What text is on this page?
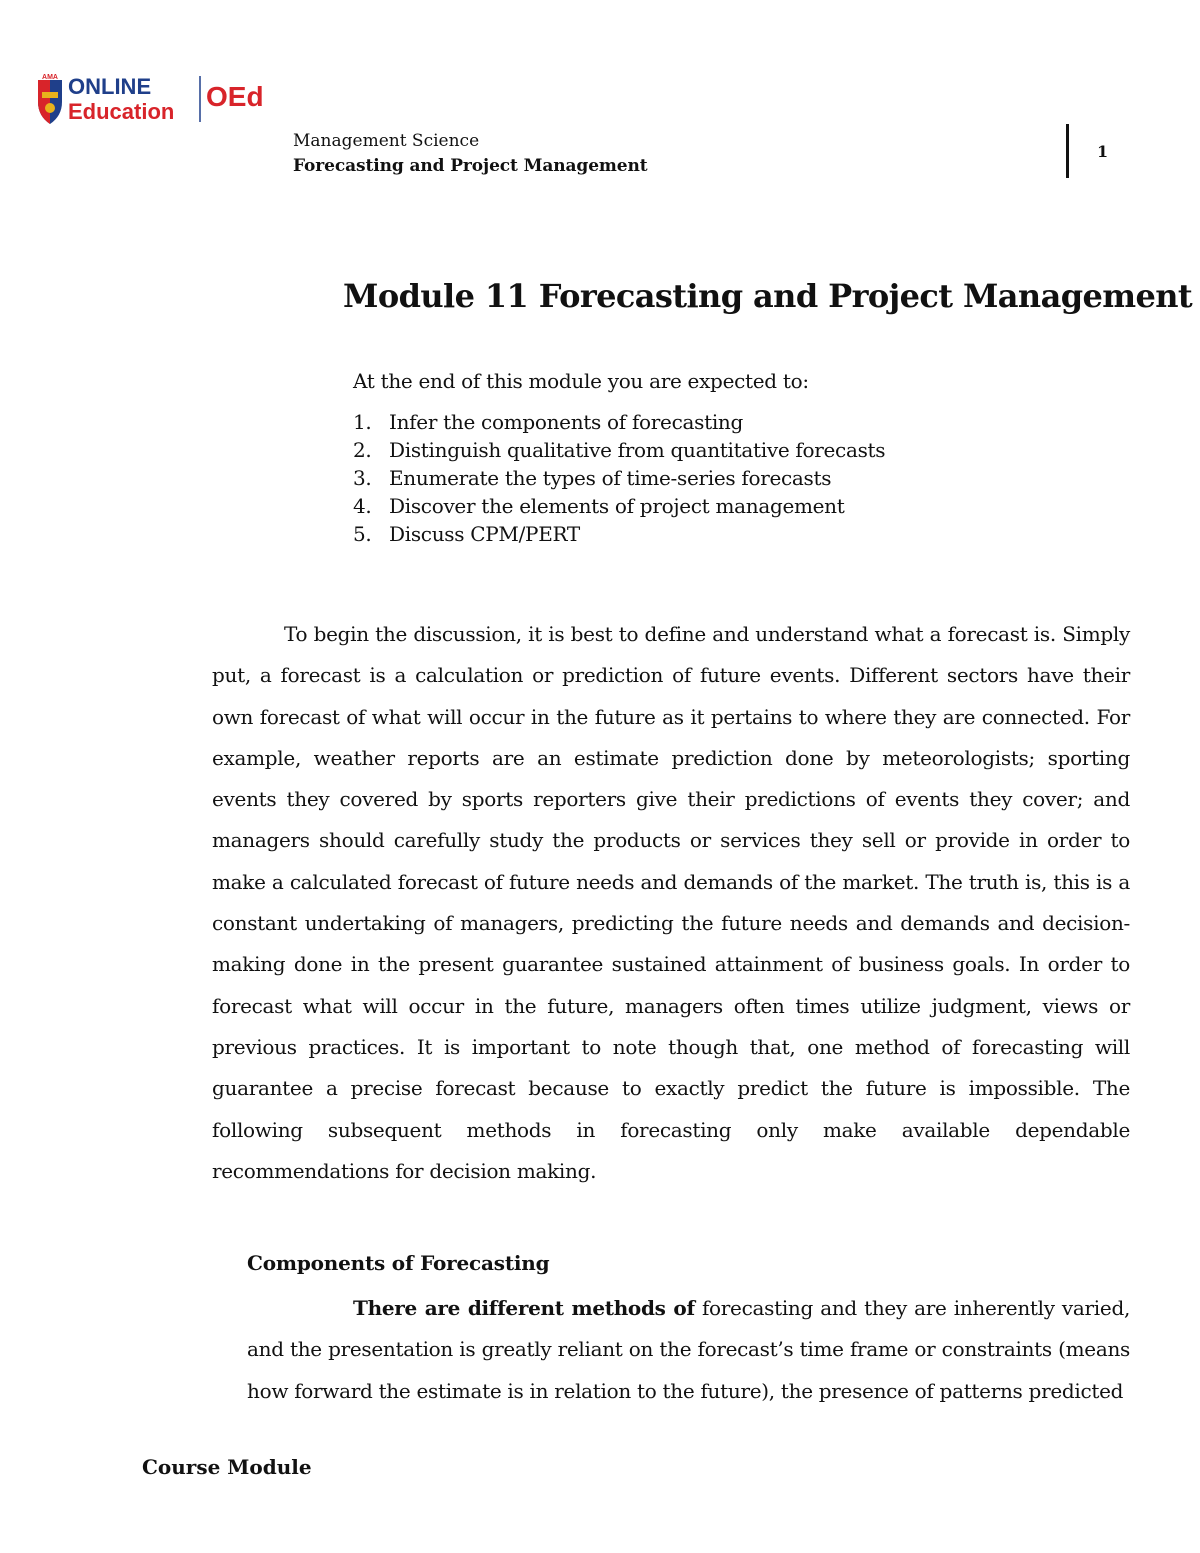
AMA ONLINE
Education OEd
Management Science
Forecasting and Project Management
1
Module 11 Forecasting and Project Management
At the end of this module you are expected to:
1. Infer the components of forecasting
2. Distinguish qualitative from quantitative forecasts
3. Enumerate the types of time-series forecasts
4. Discover the elements of project management
5. Discuss CPM/PERT

To begin the discussion, it is best to define and understand what a forecast is. Simply put, a forecast is a calculation or prediction of future events. Different sectors have their own forecast of what will occur in the future as it pertains to where they are connected. For example, weather reports are an estimate prediction done by meteorologists; sporting events they covered by sports reporters give their predictions of events they cover; and managers should carefully study the products or services they sell or provide in order to make a calculated forecast of future needs and demands of the market. The truth is, this is a constant undertaking of managers, predicting the future needs and demands and decision-making done in the present guarantee sustained attainment of business goals. In order to forecast what will occur in the future, managers often times utilize judgment, views or previous practices. It is important to note though that, one method of forecasting will guarantee a precise forecast because to exactly predict the future is impossible. The following subsequent methods in forecasting only make available dependable recommendations for decision making.

Components of Forecasting

There are different methods of forecasting and they are inherently varied, and the presentation is greatly reliant on the forecast’s time frame or constraints (means how forward the estimate is in relation to the future), the presence of patterns predicted

Course Module
